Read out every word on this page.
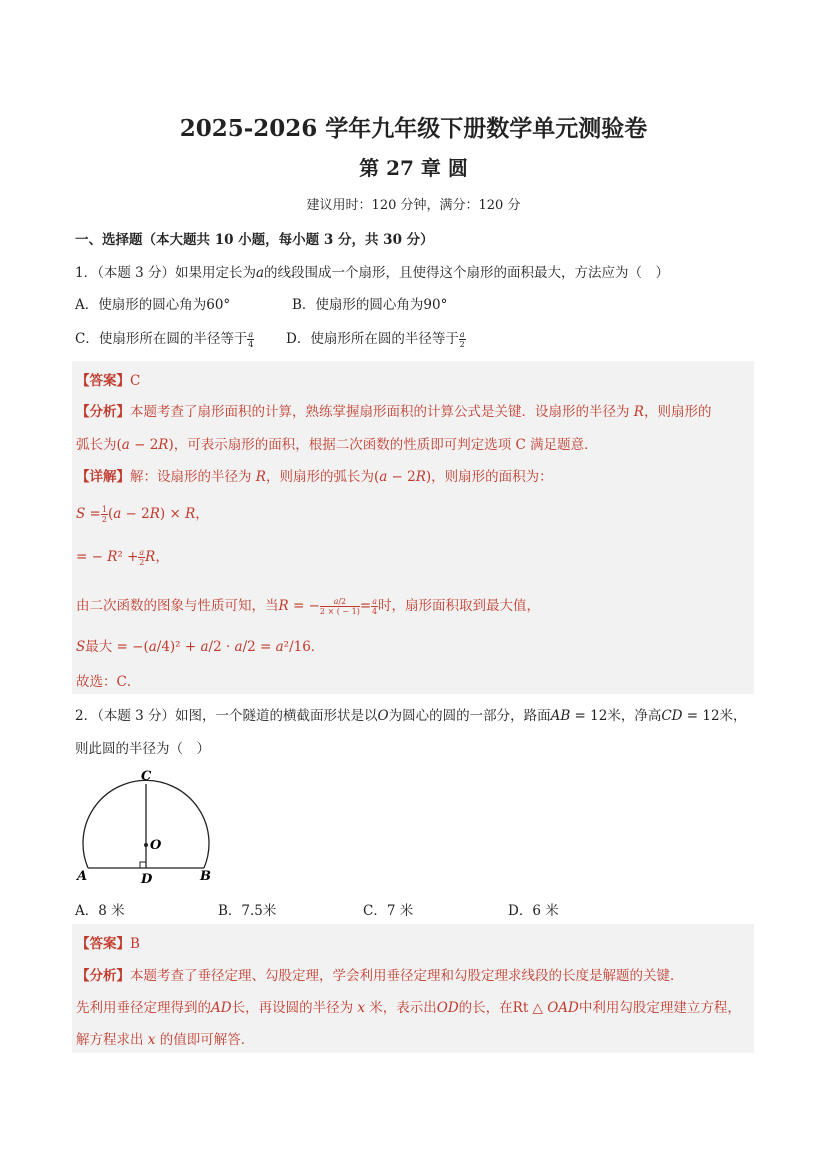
2025-2026 学年九年级下册数学单元测验卷
第 27 章 圆
建议用时：120 分钟，满分：120 分
一、选择题（本大题共 10 小题，每小题 3 分，共 30 分）
1．（本题 3 分）如果用定长为𝑎的线段围成一个扇形，且使得这个扇形的面积最大，方法应为（　）
A．使扇形的圆心角为60°	B．使扇形的圆心角为90°
C．使扇形所在圆的半径等于 $\frac{\text{𝑎}}{4}$ D．使扇形所在圆的半径等于 $\frac{\text{𝑎}}{2}$
【答案】C
【分析】本题考查了扇形面积的计算，熟练掌握扇形面积的计算公式是关键．设扇形的半径为 𝑅，则扇形的
弧长为(𝑎 − 2𝑅)，可表示扇形的面积，根据二次函数的性质即可判定选项 C 满足题意．
【详解】解：设扇形的半径为 𝑅，则扇形的弧长为(𝑎 − 2𝑅)，则扇形的面积为：
𝑆 = $\frac{1}{2}$ (𝑎 − 2𝑅) × 𝑅，
= − 𝑅² + $\frac{\text{𝑎}}{2}$ 𝑅，
由二次函数的图象与性质可知，当𝑅 = − $\frac{\text{𝑎/2}}{2 \times ( - 1)} = \frac{\text{𝑎}}{4}$ 时，扇形面积取到最大值，
𝑆最大 = −(𝑎/4)² + 𝑎/2 · 𝑎/2 = 𝑎²/16．
故选：C．
2．（本题 3 分）如图，一个隧道的横截面形状是以𝑂为圆心的圆的一部分，路面𝐴𝐵 = 12米，净高𝐶𝐷 = 12米，
则此圆的半径为（　）
C
O
A	D	B
A．8 米	B．7.5米	C．7 米	D．6 米
【答案】B
【分析】本题考查了垂径定理、勾股定理，学会利用垂径定理和勾股定理求线段的长度是解题的关键．
先利用垂径定理得到的𝐴𝐷长，再设圆的半径为 𝑥 米，表示出𝑂𝐷的长，在Rt △ 𝑂𝐴𝐷中利用勾股定理建立方程，
解方程求出 𝑥 的值即可解答．
